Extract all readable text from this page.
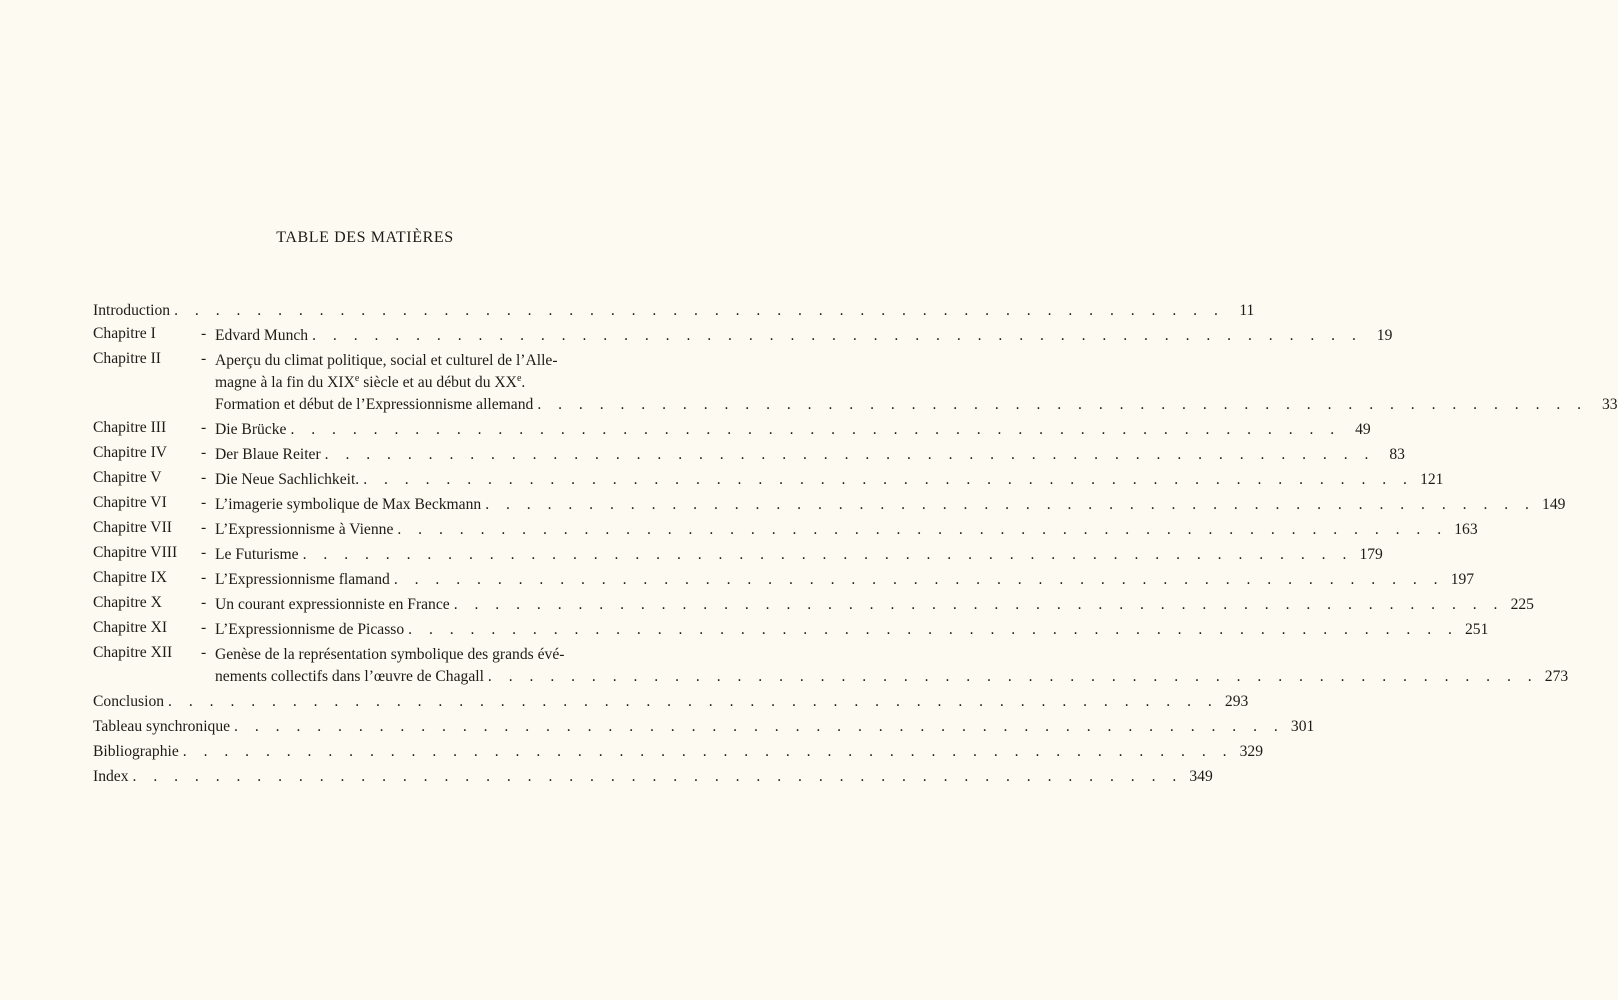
TABLE DES MATIÈRES
Introduction . . . . . . . . . . . . . . . . . . . . . . . . . . . . . . . . . . . . . . . . . . . . . . . . . . . 11
Chapitre I	- Edvard Munch . . . . . . . . . . . . . . . . . . . . . . . . . . . . . . . . . . . . . . . . . . . . . . . . . . . 19
Chapitre II	- Aperçu du climat politique, social et culturel de l’Alle-
magne à la fin du XIXe siècle et au début du XXe.
Formation et début de l’Expressionnisme allemand . . . . . . . . . . . . . . . . . . . . . . . . . . . . . . . . . . . . . . . . . . . . . . . . . . . 33
Chapitre III	- Die Brücke . . . . . . . . . . . . . . . . . . . . . . . . . . . . . . . . . . . . . . . . . . . . . . . . . . . 49
Chapitre IV	- Der Blaue Reiter . . . . . . . . . . . . . . . . . . . . . . . . . . . . . . . . . . . . . . . . . . . . . . . . . . . 83
Chapitre V	- Die Neue Sachlichkeit. . . . . . . . . . . . . . . . . . . . . . . . . . . . . . . . . . . . . . . . . . . . . . . . . . . . 121
Chapitre VI	- L’imagerie symbolique de Max Beckmann . . . . . . . . . . . . . . . . . . . . . . . . . . . . . . . . . . . . . . . . . . . . . . . . . . . 149
Chapitre VII	- L’Expressionnisme à Vienne . . . . . . . . . . . . . . . . . . . . . . . . . . . . . . . . . . . . . . . . . . . . . . . . . . . 163
Chapitre VIII	- Le Futurisme . . . . . . . . . . . . . . . . . . . . . . . . . . . . . . . . . . . . . . . . . . . . . . . . . . . 179
Chapitre IX	- L’Expressionnisme flamand . . . . . . . . . . . . . . . . . . . . . . . . . . . . . . . . . . . . . . . . . . . . . . . . . . . 197
Chapitre X	- Un courant expressionniste en France . . . . . . . . . . . . . . . . . . . . . . . . . . . . . . . . . . . . . . . . . . . . . . . . . . . 225
Chapitre XI	- L’Expressionnisme de Picasso . . . . . . . . . . . . . . . . . . . . . . . . . . . . . . . . . . . . . . . . . . . . . . . . . . . 251
Chapitre XII	- Genèse de la représentation symbolique des grands évé-
nements collectifs dans l’œuvre de Chagall . . . . . . . . . . . . . . . . . . . . . . . . . . . . . . . . . . . . . . . . . . . . . . . . . . . 273
Conclusion . . . . . . . . . . . . . . . . . . . . . . . . . . . . . . . . . . . . . . . . . . . . . . . . . . . 293
Tableau synchronique . . . . . . . . . . . . . . . . . . . . . . . . . . . . . . . . . . . . . . . . . . . . . . . . . . . 301
Bibliographie . . . . . . . . . . . . . . . . . . . . . . . . . . . . . . . . . . . . . . . . . . . . . . . . . . . 329
Index . . . . . . . . . . . . . . . . . . . . . . . . . . . . . . . . . . . . . . . . . . . . . . . . . . . 349
